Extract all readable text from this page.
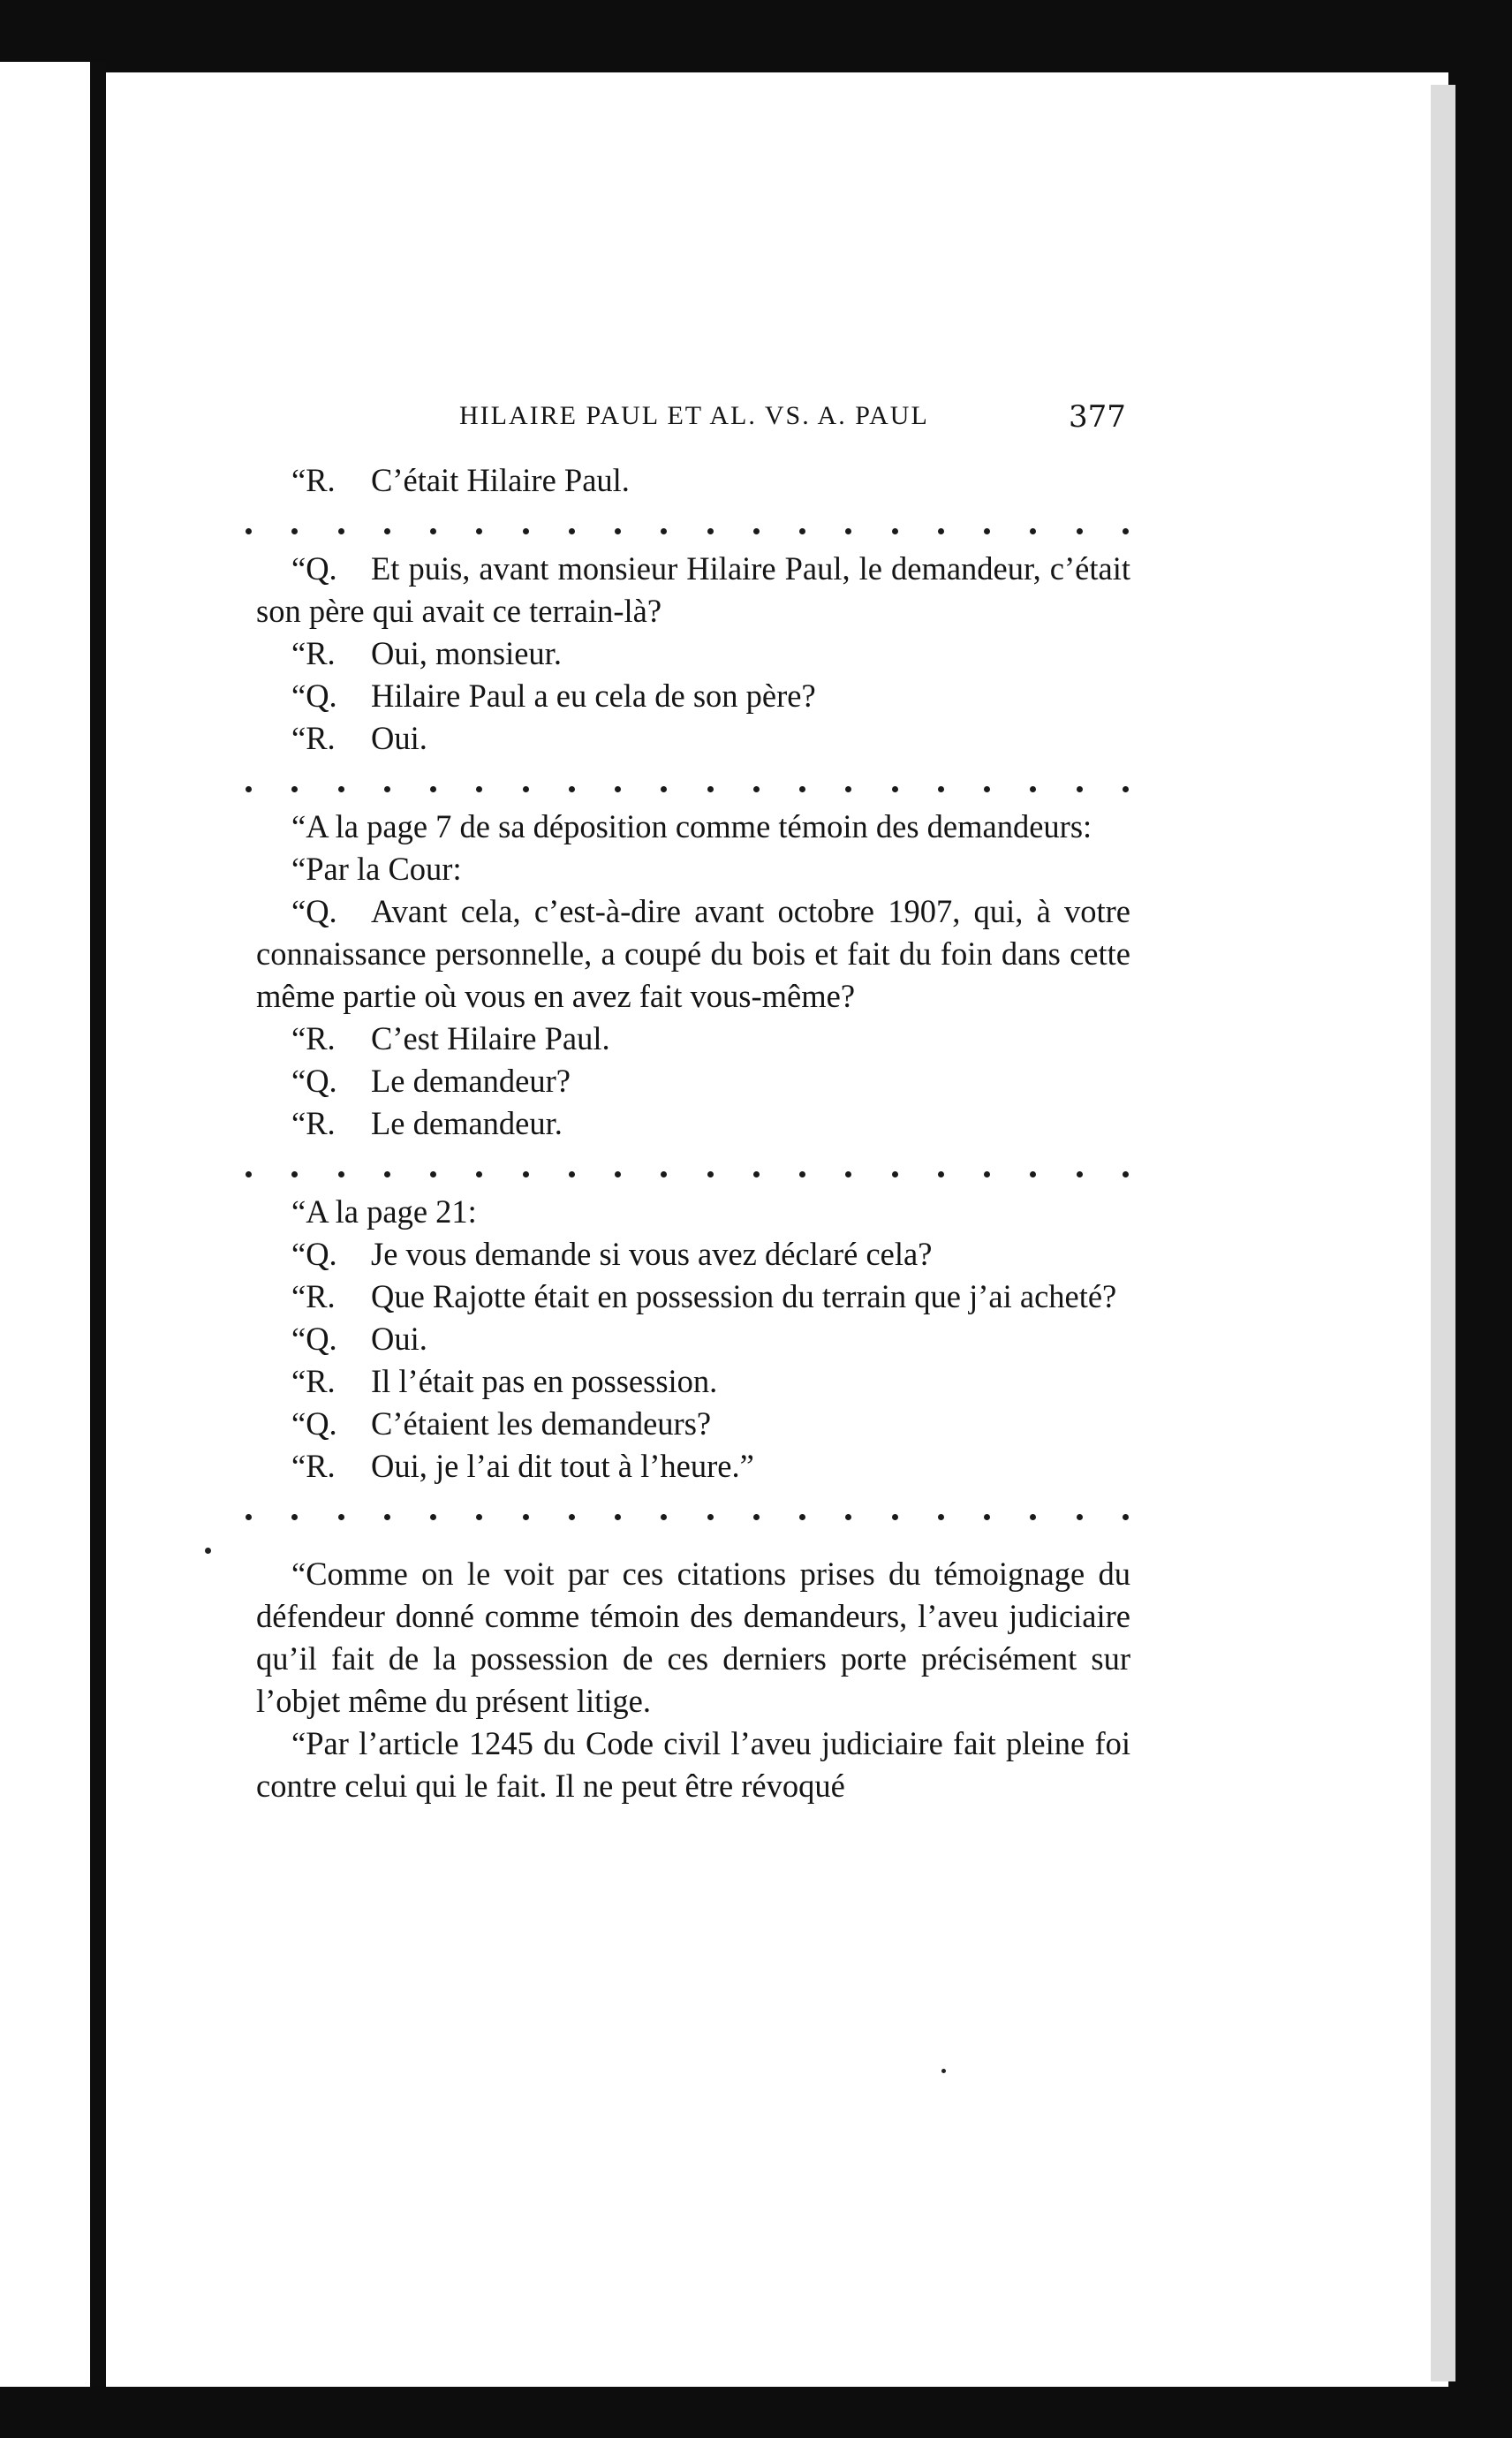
HILAIRE PAUL ET AL. VS. A. PAUL	377

“R. C’était Hilaire Paul.

“Q. Et puis, avant monsieur Hilaire Paul, le demandeur, c’était son père qui avait ce terrain-là?

“R. Oui, monsieur.

“Q. Hilaire Paul a eu cela de son père?

“R. Oui.

“A la page 7 de sa déposition comme témoin des demandeurs:

“Par la Cour:

“Q. Avant cela, c’est-à-dire avant octobre 1907, qui, à votre connaissance personnelle, a coupé du bois et fait du foin dans cette même partie où vous en avez fait vous-même?

“R. C’est Hilaire Paul.

“Q. Le demandeur?

“R. Le demandeur.

“A la page 21:

“Q. Je vous demande si vous avez déclaré cela?

“R. Que Rajotte était en possession du terrain que j’ai acheté?

“Q. Oui.

“R. Il l’était pas en possession.

“Q. C’étaient les demandeurs?

“R. Oui, je l’ai dit tout à l’heure.”

“Comme on le voit par ces citations prises du témoignage du défendeur donné comme témoin des demandeurs, l’aveu judiciaire qu’il fait de la possession de ces derniers porte précisément sur l’objet même du présent litige.

“Par l’article 1245 du Code civil l’aveu judiciaire fait pleine foi contre celui qui le fait. Il ne peut être révoqué
